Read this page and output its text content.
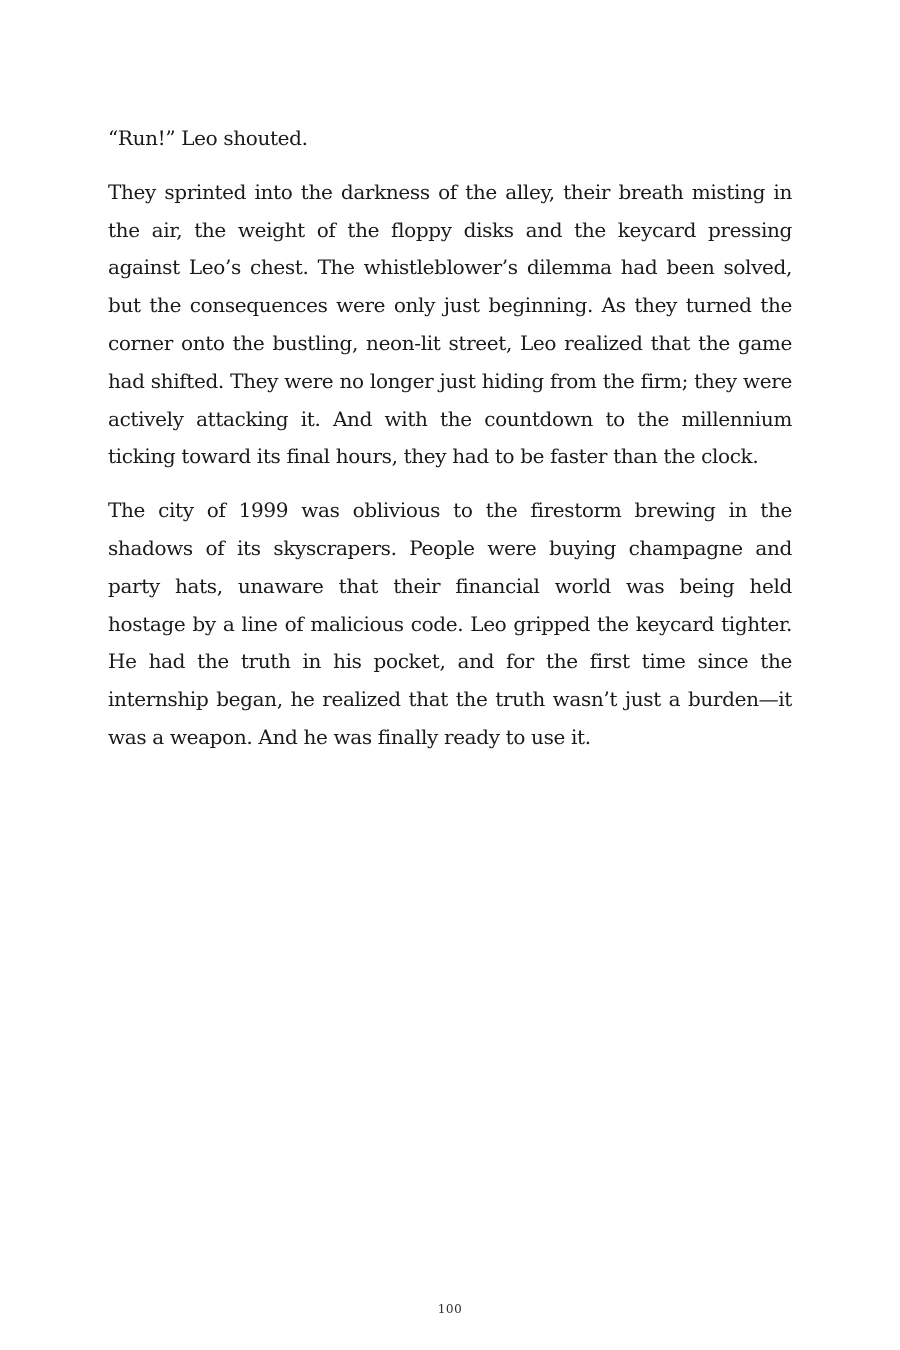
“Run!” Leo shouted.

They sprinted into the darkness of the alley, their breath misting in the air, the weight of the floppy disks and the keycard pressing against Leo’s chest. The whistleblower’s dilemma had been solved, but the consequences were only just beginning. As they turned the corner onto the bustling, neon-lit street, Leo realized that the game had shifted. They were no longer just hiding from the firm; they were actively attacking it. And with the countdown to the millennium ticking toward its final hours, they had to be faster than the clock.

The city of 1999 was oblivious to the firestorm brewing in the shadows of its skyscrapers. People were buying champagne and party hats, unaware that their financial world was being held hostage by a line of malicious code. Leo gripped the keycard tighter. He had the truth in his pocket, and for the first time since the internship began, he realized that the truth wasn’t just a burden—it was a weapon. And he was finally ready to use it.

100
